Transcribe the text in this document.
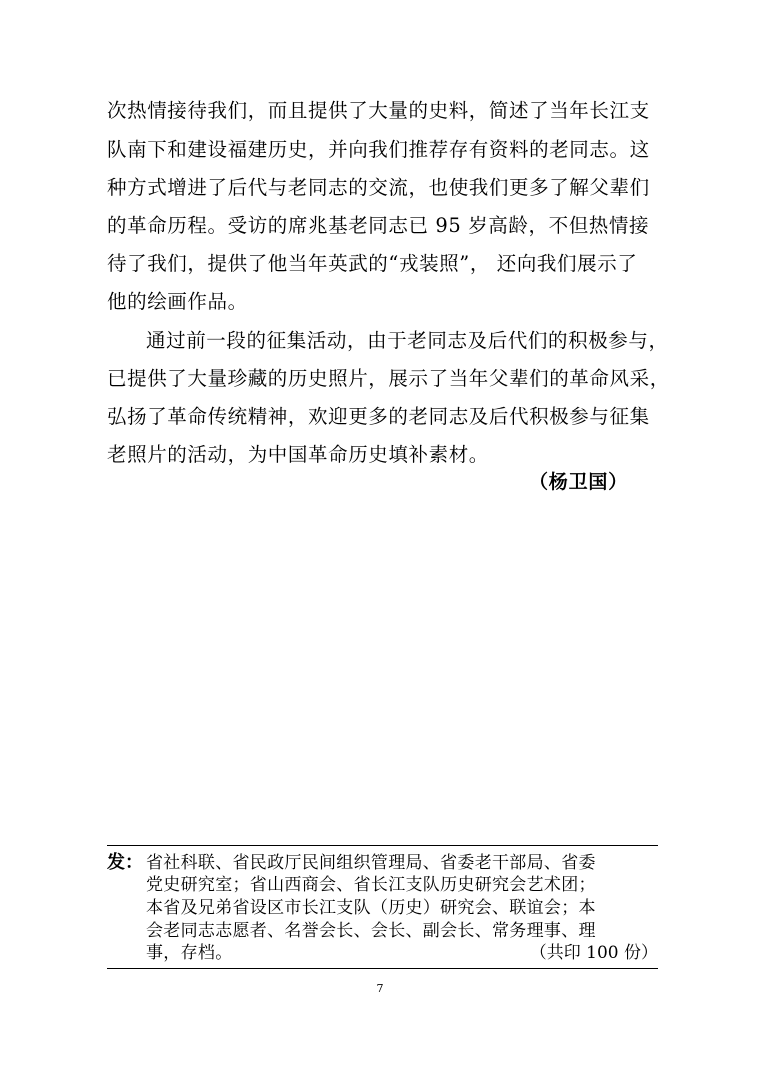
次热情接待我们，而且提供了大量的史料，简述了当年长江支
队南下和建设福建历史，并向我们推荐存有资料的老同志。这
种方式增进了后代与老同志的交流，也使我们更多了解父辈们
的革命历程。受访的席兆基老同志已 95 岁高龄，不但热情接
待了我们，提供了他当年英武的“戎装照”， 还向我们展示了
他的绘画作品。
通过前一段的征集活动，由于老同志及后代们的积极参与，
已提供了大量珍藏的历史照片，展示了当年父辈们的革命风采，
弘扬了革命传统精神，欢迎更多的老同志及后代积极参与征集
老照片的活动，为中国革命历史填补素材。
（杨卫国）
发： 省社科联、省民政厅民间组织管理局、省委老干部局、省委
党史研究室；省山西商会、省长江支队历史研究会艺术团；
本省及兄弟省设区市长江支队（历史）研究会、联谊会；本
会老同志志愿者、名誉会长、会长、副会长、常务理事、理
事，存档。	（共印 100 份）
7
